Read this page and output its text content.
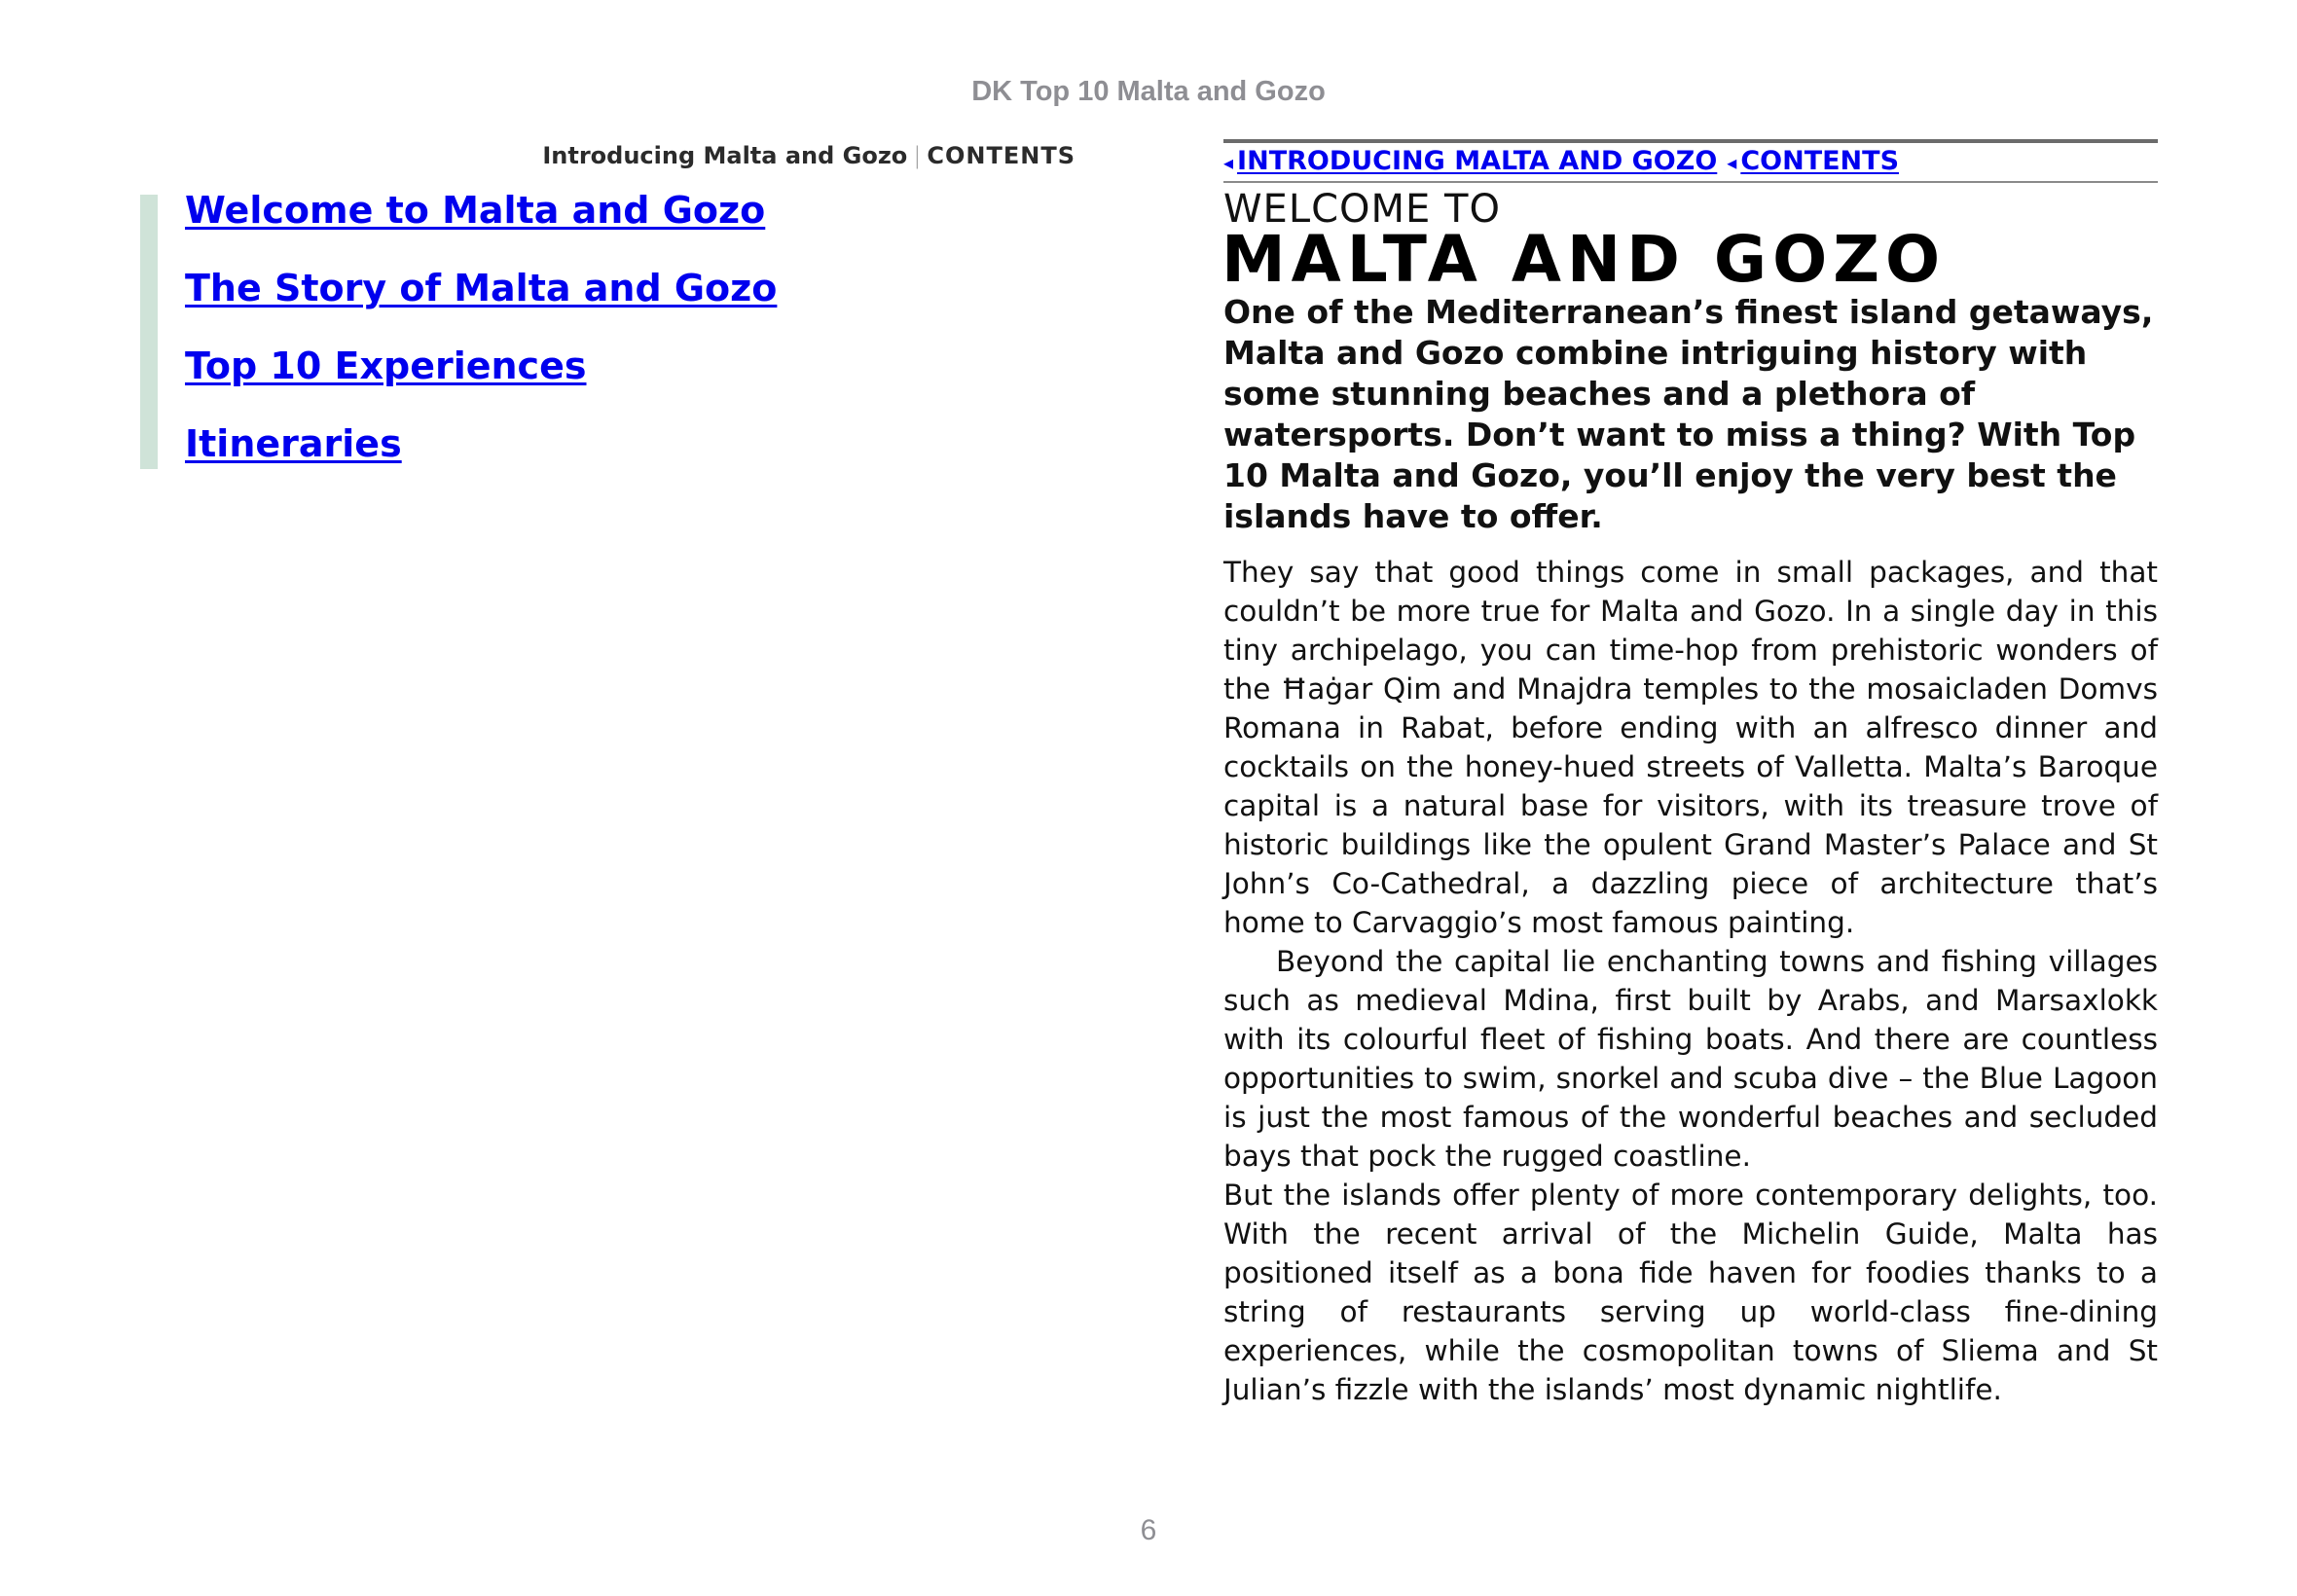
DK Top 10 Malta and Gozo
Introducing Malta and Gozo | CONTENTS
Welcome to Malta and Gozo
The Story of Malta and Gozo
Top 10 Experiences
Itineraries
◂ INTRODUCING MALTA AND GOZO ◂ CONTENTS
WELCOME TO
MALTA AND GOZO

One of the Mediterranean’s finest island getaways, Malta and Gozo combine intriguing history with some stunning beaches and a plethora of watersports. Don’t want to miss a thing? With Top 10 Malta and Gozo, you’ll enjoy the very best the islands have to offer.

They say that good things come in small packages, and that couldn’t be more true for Malta and Gozo. In a single day in this tiny archipelago, you can time-hop from prehistoric wonders of the Ħaġar Qim and Mnajdra temples to the mosaicladen Domvs Romana in Rabat, before ending with an alfresco dinner and cocktails on the honey-hued streets of Valletta. Malta’s Baroque capital is a natural base for visitors, with its treasure trove of historic buildings like the opulent Grand Master’s Palace and St John’s Co-Cathedral, a dazzling piece of architecture that’s home to Carvaggio’s most famous painting.

Beyond the capital lie enchanting towns and fishing villages such as medieval Mdina, first built by Arabs, and Marsaxlokk with its colourful fleet of fishing boats. And there are countless opportunities to swim, snorkel and scuba dive – the Blue Lagoon is just the most famous of the wonderful beaches and secluded bays that pock the rugged coastline.

But the islands offer plenty of more contemporary delights, too. With the recent arrival of the Michelin Guide, Malta has positioned itself as a bona fide haven for foodies thanks to a string of restaurants serving up world-class fine-dining experiences, while the cosmopolitan towns of Sliema and St Julian’s fizzle with the islands’ most dynamic nightlife.

6
